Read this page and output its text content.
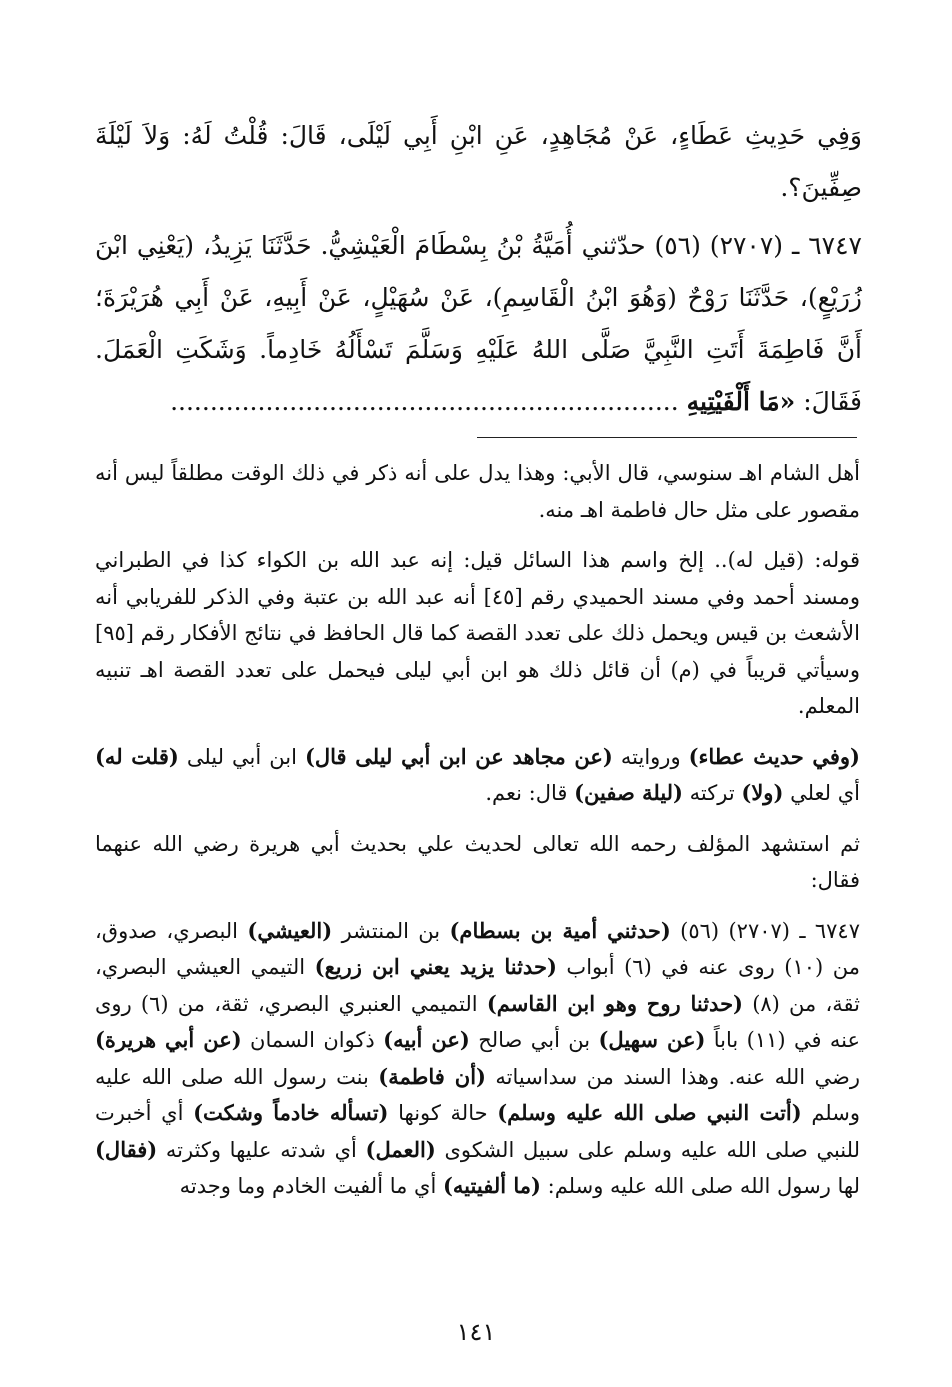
وَفِي حَدِيثِ عَطَاءٍ، عَنْ مُجَاهِدٍ، عَنِ ابْنِ أَبِي لَيْلَى، قَالَ: قُلْتُ لَهُ: وَلاَ لَيْلَةَ صِفِّينَ؟.

٦٧٤٧ ـ (٢٧٠٧) (٥٦) حدّثني أُمَيَّةُ بْنُ بِسْطَامَ الْعَيْشِيُّ. حَدَّثَنَا يَزِيدُ، (يَعْنِي ابْنَ زُرَيْعٍ)، حَدَّثَنَا رَوْحٌ (وَهُوَ ابْنُ الْقَاسِمِ)، عَنْ سُهَيْلٍ، عَنْ أَبِيهِ، عَنْ أَبِي هُرَيْرَةَ؛ أَنَّ فَاطِمَةَ أَتَتِ النَّبِيَّ صَلَّى اللهُ عَلَيْهِ وَسَلَّمَ تَسْأَلُهُ خَادِماً. وَشَكَتِ الْعَمَلَ. فَقَالَ: «مَا أَلْفَيْتِيهِ ................................................................

أهل الشام اهـ سنوسي، قال الأبي: وهذا يدل على أنه ذكر في ذلك الوقت مطلقاً ليس أنه مقصور على مثل حال فاطمة اهـ منه.

قوله: (قيل له).. إلخ واسم هذا السائل قيل: إنه عبد الله بن الكواء كذا في الطبراني ومسند أحمد وفي مسند الحميدي رقم [٤٥] أنه عبد الله بن عتبة وفي الذكر للفريابي أنه الأشعث بن قيس ويحمل ذلك على تعدد القصة كما قال الحافظ في نتائج الأفكار رقم [٩٥] وسيأتي قريباً في (م) أن قائل ذلك هو ابن أبي ليلى فيحمل على تعدد القصة اهـ تنبيه المعلم.

(وفي حديث عطاء) وروايته (عن مجاهد عن ابن أبي ليلى قال) ابن أبي ليلى (قلت له) أي لعلي (ولا) تركته (ليلة صفين) قال: نعم.

ثم استشهد المؤلف رحمه الله تعالى لحديث علي بحديث أبي هريرة رضي الله عنهما فقال:

٦٧٤٧ ـ (٢٧٠٧) (٥٦) (حدثني أمية بن بسطام) بن المنتشر (العيشي) البصري، صدوق، من (١٠) روى عنه في (٦) أبواب (حدثنا يزيد يعني ابن زريع) التيمي العيشي البصري، ثقة، من (٨) (حدثنا روح وهو ابن القاسم) التميمي العنبري البصري، ثقة، من (٦) روى عنه في (١١) باباً (عن سهيل) بن أبي صالح (عن أبيه) ذكوان السمان (عن أبي هريرة) رضي الله عنه. وهذا السند من سداسياته (أن فاطمة) بنت رسول الله صلى الله عليه وسلم (أتت النبي صلى الله عليه وسلم) حالة كونها (تسأله خادماً وشكت) أي أخبرت للنبي صلى الله عليه وسلم على سبيل الشكوى (العمل) أي شدته عليها وكثرته (فقال) لها رسول الله صلى الله عليه وسلم: (ما ألفيتيه) أي ما ألفيت الخادم وما وجدته

١٤١
